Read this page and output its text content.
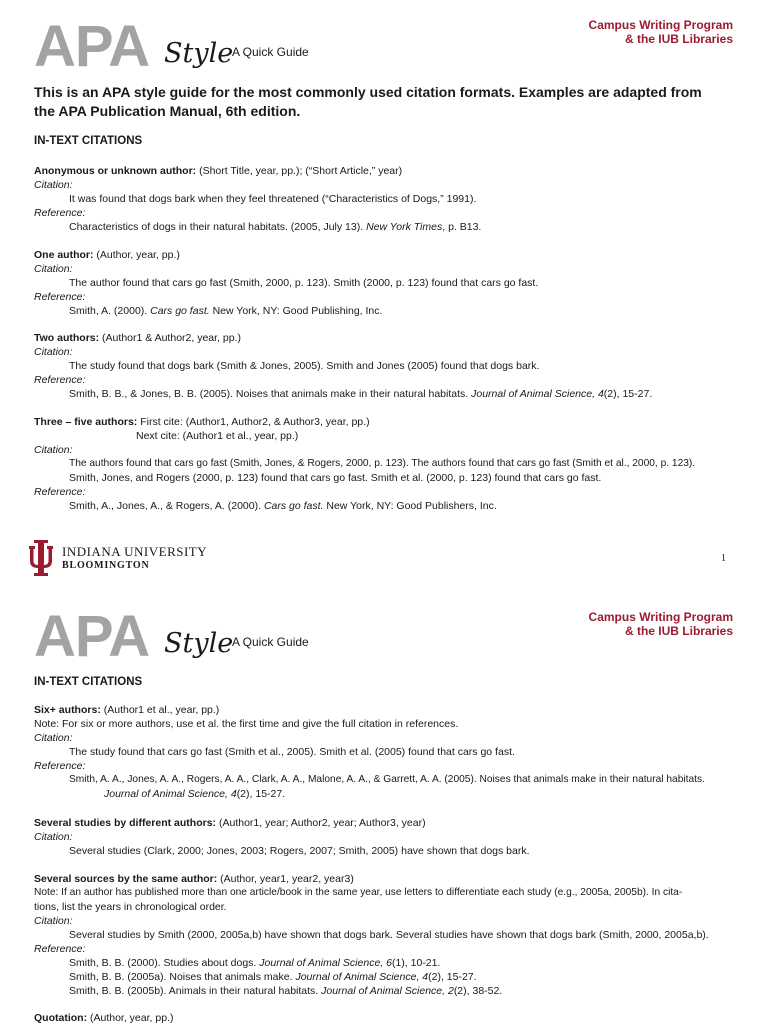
APA Style
A Quick Guide
Campus Writing Program
& the IUB Libraries
This is an APA style guide for the most commonly used citation formats. Examples are adapted from
the APA Publication Manual, 6th edition.
IN-TEXT CITATIONS
Anonymous or unknown author: (Short Title, year, pp.); (“Short Article,” year)
Citation:
It was found that dogs bark when they feel threatened (“Characteristics of Dogs,” 1991).
Reference:
Characteristics of dogs in their natural habitats. (2005, July 13). New York Times, p. B13.
One author: (Author, year, pp.)
Citation:
The author found that cars go fast (Smith, 2000, p. 123). Smith (2000, p. 123) found that cars go fast.
Reference:
Smith, A. (2000). Cars go fast. New York, NY: Good Publishing, Inc.
Two authors: (Author1 & Author2, year, pp.)
Citation:
The study found that dogs bark (Smith & Jones, 2005). Smith and Jones (2005) found that dogs bark.
Reference:
Smith, B. B., & Jones, B. B. (2005). Noises that animals make in their natural habitats. Journal of Animal Science, 4(2), 15-27.
Three – five authors: First cite: (Author1, Author2, & Author3, year, pp.)
Next cite: (Author1 et al., year, pp.)
Citation:
The authors found that cars go fast (Smith, Jones, & Rogers, 2000, p. 123). The authors found that cars go fast (Smith et al., 2000, p. 123).
Smith, Jones, and Rogers (2000, p. 123) found that cars go fast. Smith et al. (2000, p. 123) found that cars go fast.
Reference:
Smith, A., Jones, A., & Rogers, A. (2000). Cars go fast. New York, NY: Good Publishers, Inc.
INDIANA UNIVERSITY
BLOOMINGTON
1
APA Style
A Quick Guide
Campus Writing Program
& the IUB Libraries
IN-TEXT CITATIONS
Six+ authors: (Author1 et al., year, pp.)
Note: For six or more authors, use et al. the first time and give the full citation in references.
Citation:
The study found that cars go fast (Smith et al., 2005). Smith et al. (2005) found that cars go fast.
Reference:
Smith, A. A., Jones, A. A., Rogers, A. A., Clark, A. A., Malone, A. A., & Garrett, A. A. (2005). Noises that animals make in their natural habitats.
Journal of Animal Science, 4(2), 15-27.
Several studies by different authors: (Author1, year; Author2, year; Author3, year)
Citation:
Several studies (Clark, 2000; Jones, 2003; Rogers, 2007; Smith, 2005) have shown that dogs bark.
Several sources by the same author: (Author, year1, year2, year3)
Note: If an author has published more than one article/book in the same year, use letters to differentiate each study (e.g., 2005a, 2005b). In cita-
tions, list the years in chronological order.
Citation:
Several studies by Smith (2000, 2005a,b) have shown that dogs bark. Several studies have shown that dogs bark (Smith, 2000, 2005a,b).
Reference:
Smith, B. B. (2000). Studies about dogs. Journal of Animal Science, 6(1), 10-21.
Smith, B. B. (2005a). Noises that animals make. Journal of Animal Science, 4(2), 15-27.
Smith, B. B. (2005b). Animals in their natural habitats. Journal of Animal Science, 2(2), 38-52.
Quotation: (Author, year, pp.)
